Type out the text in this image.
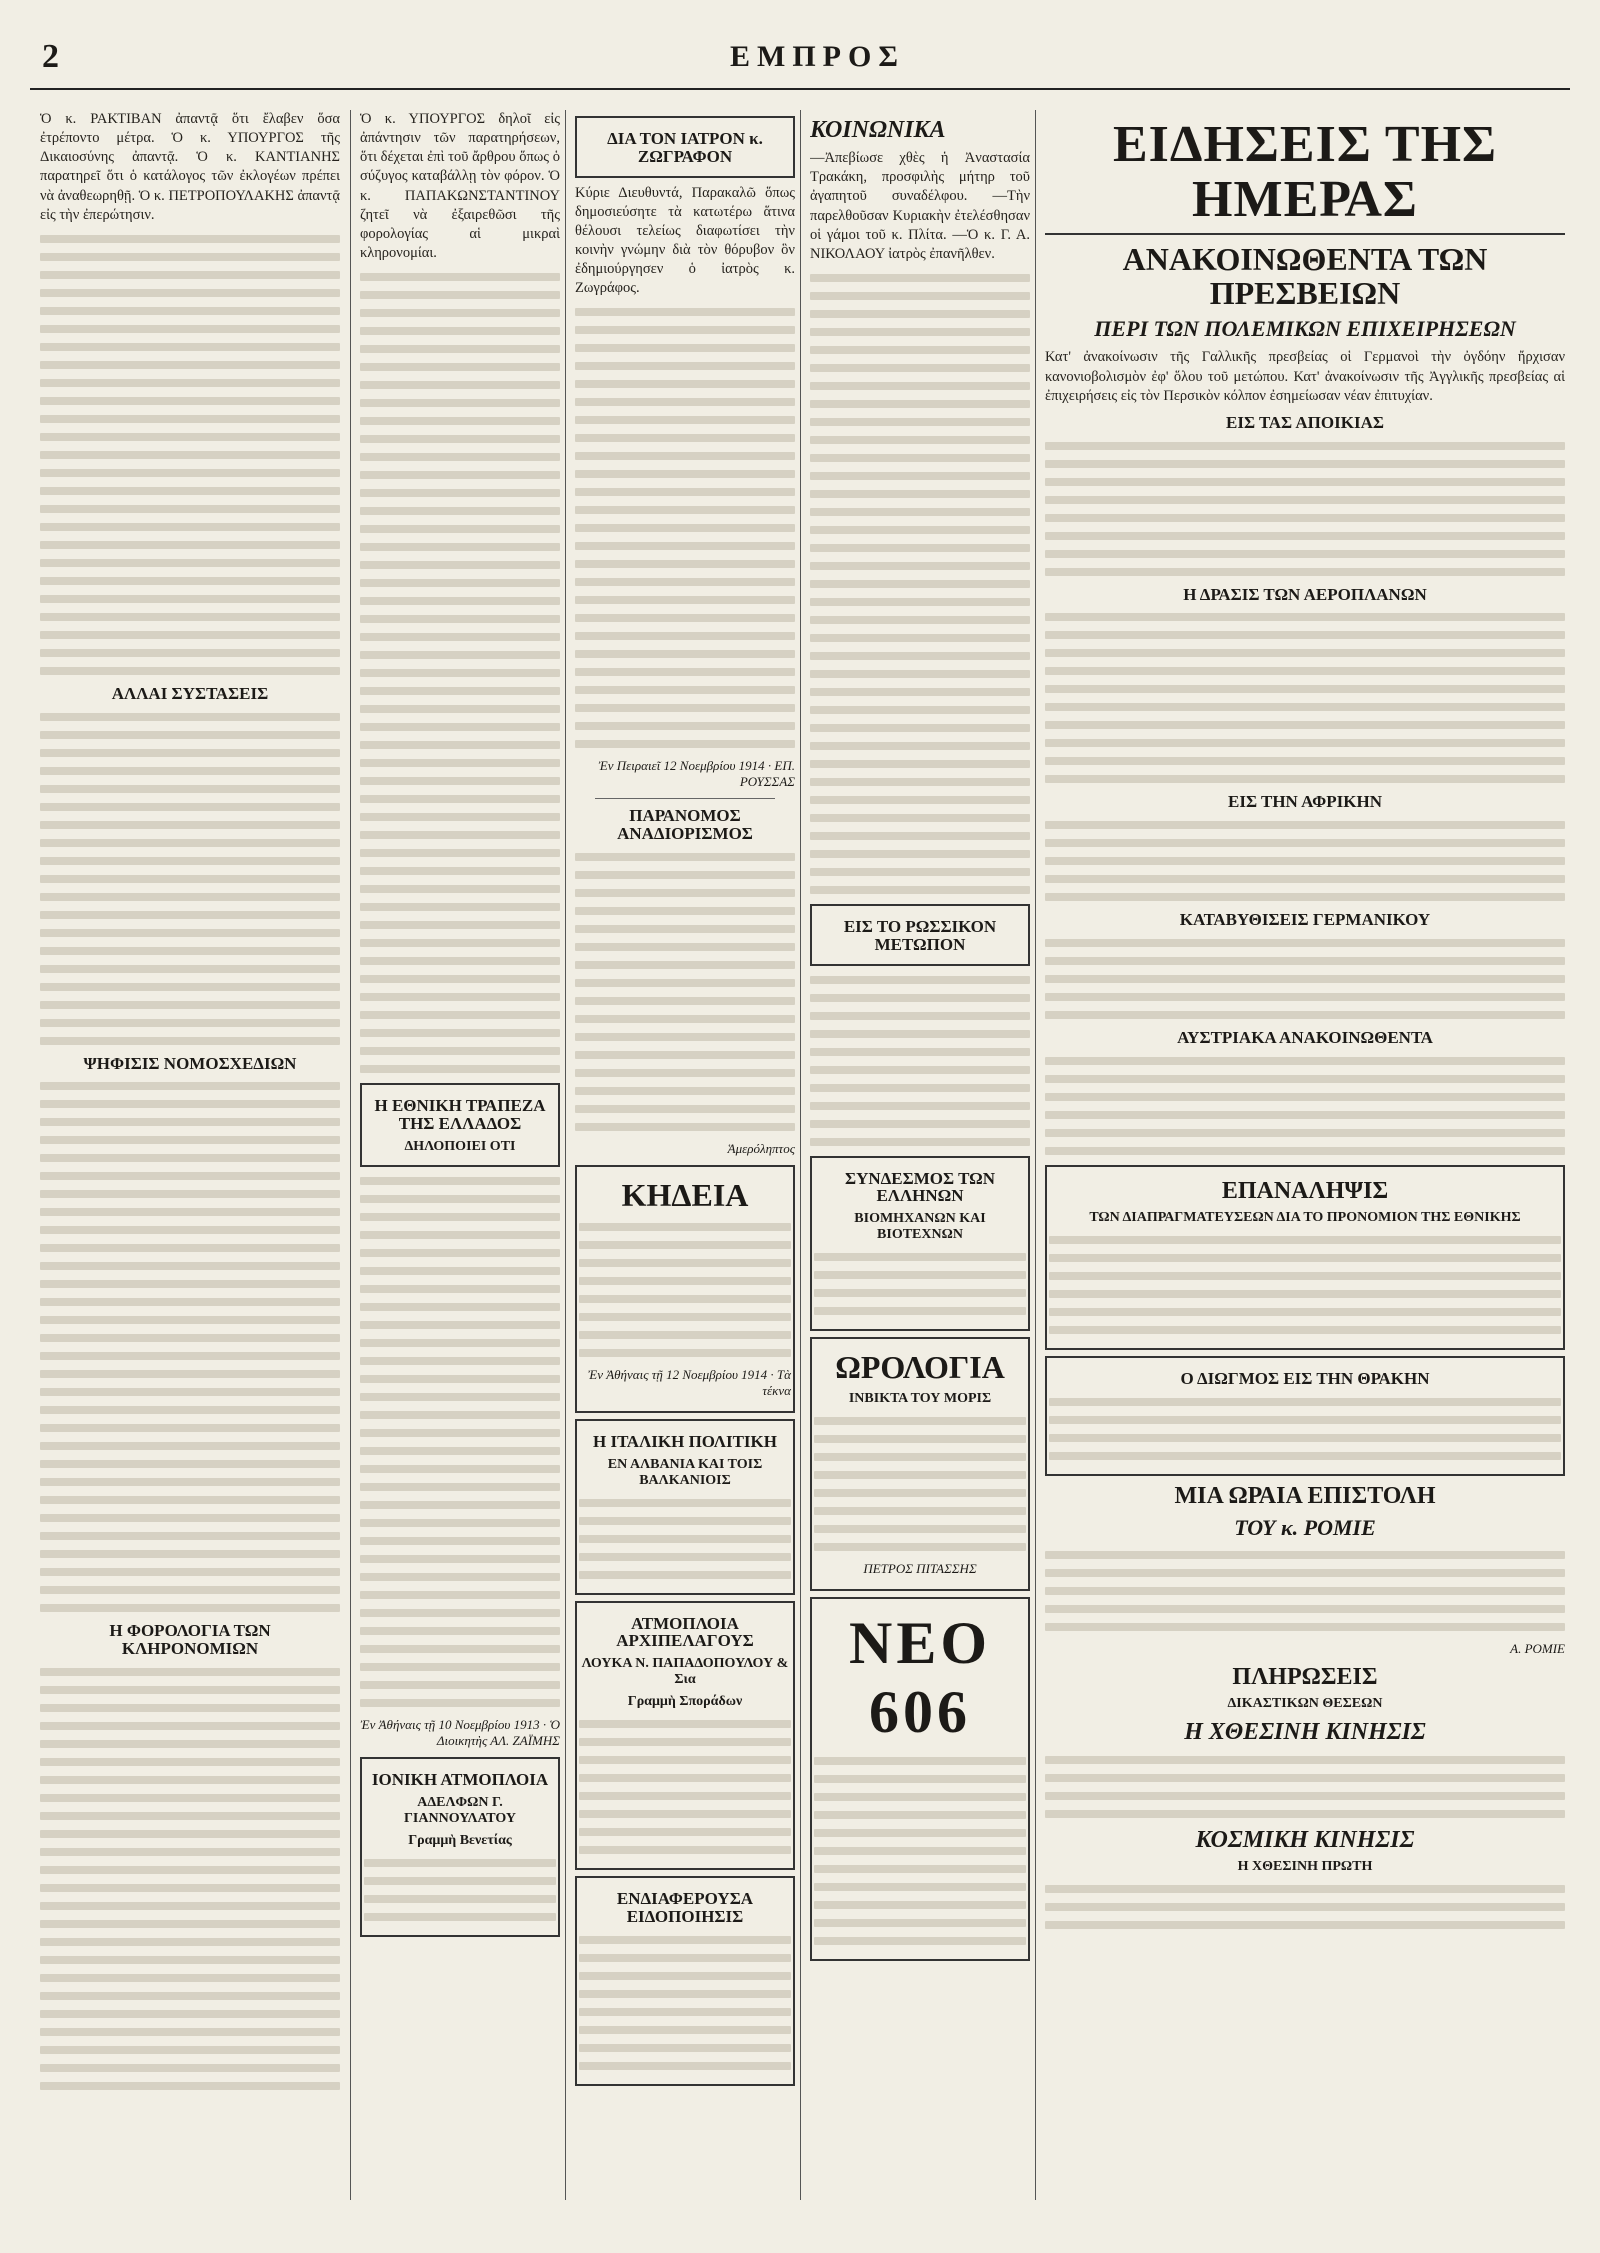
2	ΕΜΠΡΟΣ
Ὁ κ. ΡΑΚΤΙΒΑΝ ἀπαντᾷ ὅτι ἔλαβεν ὅσα ἐτρέποντο μέτρα. Ὁ κ. ΥΠΟΥΡΓΟΣ τῆς Δικαιοσύνης ἀπαντᾷ. Ὁ κ. ΚΑΝΤΙΑΝΗΣ παρατηρεῖ ὅτι ὁ κατάλογος τῶν ἐκλογέων πρέπει νὰ ἀναθεωρηθῇ. Ὁ κ. ΠΕΤΡΟΠΟΥΛΑΚΗΣ ἀπαντᾷ εἰς τὴν ἐπερώτησιν.
ΑΛΛΑΙ ΣΥΣΤΑΣΕΙΣ
ΨΗΦΙΣΙΣ ΝΟΜΟΣΧΕΔΙΩΝ
Η ΦΟΡΟΛΟΓΙΑ ΤΩΝ ΚΛΗΡΟΝΟΜΙΩΝ
Ὁ κ. ΥΠΟΥΡΓΟΣ δηλοῖ εἰς ἀπάντησιν τῶν παρατηρήσεων, ὅτι δέχεται ἐπὶ τοῦ ἄρθρου ὅπως ὁ σύζυγος καταβάλλῃ τὸν φόρον. Ὁ κ. ΠΑΠΑΚΩΝΣΤΑΝΤΙΝΟΥ ζητεῖ νὰ ἐξαιρεθῶσι τῆς φορολογίας αἱ μικραὶ κληρονομίαι.
Η ΕΘΝΙΚΗ ΤΡΑΠΕΖΑ ΤΗΣ ΕΛΛΑΔΟΣ
ΔΗΛΟΠΟΙΕΙ ΟΤΙ
Ἐν Ἀθήναις τῇ 10 Νοεμβρίου 1913 · Ὁ Διοικητὴς ΑΛ. ΖΑΪΜΗΣ
ΙΟΝΙΚΗ ΑΤΜΟΠΛΟΙΑ
ΑΔΕΛΦΩΝ Γ. ΓΙΑΝΝΟΥΛΑΤΟΥ
Γραμμὴ Βενετίας
ΔΙΑ ΤΟΝ ΙΑΤΡΟΝ κ. ΖΩΓΡΑΦΟΝ
Κύριε Διευθυντά, Παρακαλῶ ὅπως δημοσιεύσητε τὰ κατωτέρω ἅτινα θέλουσι τελείως διαφωτίσει τὴν κοινὴν γνώμην διὰ τὸν θόρυβον ὃν ἐδημιούργησεν ὁ ἰατρὸς κ. Ζωγράφος.
Ἐν Πειραιεῖ 12 Νοεμβρίου 1914 · ΕΠ. ΡΟΥΣΣΑΣ
ΠΑΡΑΝΟΜΟΣ ΑΝΑΔΙΟΡΙΣΜΟΣ
Ἁμερόληπτος
ΚΗΔΕΙΑ
Ἐν Ἀθήναις τῇ 12 Νοεμβρίου 1914 · Τὰ τέκνα
Η ΙΤΑΛΙΚΗ ΠΟΛΙΤΙΚΗ
ΕΝ ΑΛΒΑΝΙΑ ΚΑΙ ΤΟΙΣ ΒΑΛΚΑΝΙΟΙΣ
ΑΤΜΟΠΛΟΙΑ ΑΡΧΙΠΕΛΑΓΟΥΣ
ΛΟΥΚΑ Ν. ΠΑΠΑΔΟΠΟΥΛΟΥ & Σια
Γραμμὴ Σποράδων
ΕΝΔΙΑΦΕΡΟΥΣΑ ΕΙΔΟΠΟΙΗΣΙΣ
ΚΟΙΝΩΝΙΚΑ
—Ἀπεβίωσε χθὲς ἡ Ἀναστασία Τρακάκη, προσφιλὴς μήτηρ τοῦ ἀγαπητοῦ συναδέλφου. —Τὴν παρελθοῦσαν Κυριακὴν ἐτελέσθησαν οἱ γάμοι τοῦ κ. Πλίτα. —Ὁ κ. Γ. Α. ΝΙΚΟΛΑΟΥ ἰατρὸς ἐπανῆλθεν.
ΕΙΣ ΤΟ ΡΩΣΣΙΚΟΝ ΜΕΤΩΠΟΝ
ΣΥΝΔΕΣΜΟΣ ΤΩΝ ΕΛΛΗΝΩΝ
ΒΙΟΜΗΧΑΝΩΝ ΚΑΙ ΒΙΟΤΕΧΝΩΝ
ΩΡΟΛΟΓΙΑ
ΙΝΒΙΚΤΑ ΤΟΥ ΜΟΡΙΣ
ΠΕΤΡΟΣ ΠΙΤΑΣΣΗΣ
ΝΕΟ 606
ΕΙΔΗΣΕΙΣ ΤΗΣ ΗΜΕΡΑΣ
ΑΝΑΚΟΙΝΩΘΕΝΤΑ ΤΩΝ ΠΡΕΣΒΕΙΩΝ
ΠΕΡΙ ΤΩΝ ΠΟΛΕΜΙΚΩΝ ΕΠΙΧΕΙΡΗΣΕΩΝ
Κατ' ἀνακοίνωσιν τῆς Γαλλικῆς πρεσβείας οἱ Γερμανοὶ τὴν ὀγδόην ἤρχισαν κανονιοβολισμὸν ἐφ' ὅλου τοῦ μετώπου. Κατ' ἀνακοίνωσιν τῆς Ἀγγλικῆς πρεσβείας αἱ ἐπιχειρήσεις εἰς τὸν Περσικὸν κόλπον ἐσημείωσαν νέαν ἐπιτυχίαν.
ΕΙΣ ΤΑΣ ΑΠΟΙΚΙΑΣ
Η ΔΡΑΣΙΣ ΤΩΝ ΑΕΡΟΠΛΑΝΩΝ
ΕΙΣ ΤΗΝ ΑΦΡΙΚΗΝ
ΚΑΤΑΒΥΘΙΣΕΙΣ ΓΕΡΜΑΝΙΚΟΥ
ΑΥΣΤΡΙΑΚΑ ΑΝΑΚΟΙΝΩΘΕΝΤΑ
ΕΠΑΝΑΛΗΨΙΣ
ΤΩΝ ΔΙΑΠΡΑΓΜΑΤΕΥΣΕΩΝ ΔΙΑ ΤΟ ΠΡΟΝΟΜΙΟΝ ΤΗΣ ΕΘΝΙΚΗΣ
Ο ΔΙΩΓΜΟΣ ΕΙΣ ΤΗΝ ΘΡΑΚΗΝ
ΜΙΑ ΩΡΑΙΑ ΕΠΙΣΤΟΛΗ
ΤΟΥ κ. ΡΟΜΙΕ
Α. ΡΟΜΙΕ
ΠΛΗΡΩΣΕΙΣ
ΔΙΚΑΣΤΙΚΩΝ ΘΕΣΕΩΝ
Η ΧΘΕΣΙΝΗ ΚΙΝΗΣΙΣ
ΚΟΣΜΙΚΗ ΚΙΝΗΣΙΣ
Η ΧΘΕΣΙΝΗ ΠΡΩΤΗ
